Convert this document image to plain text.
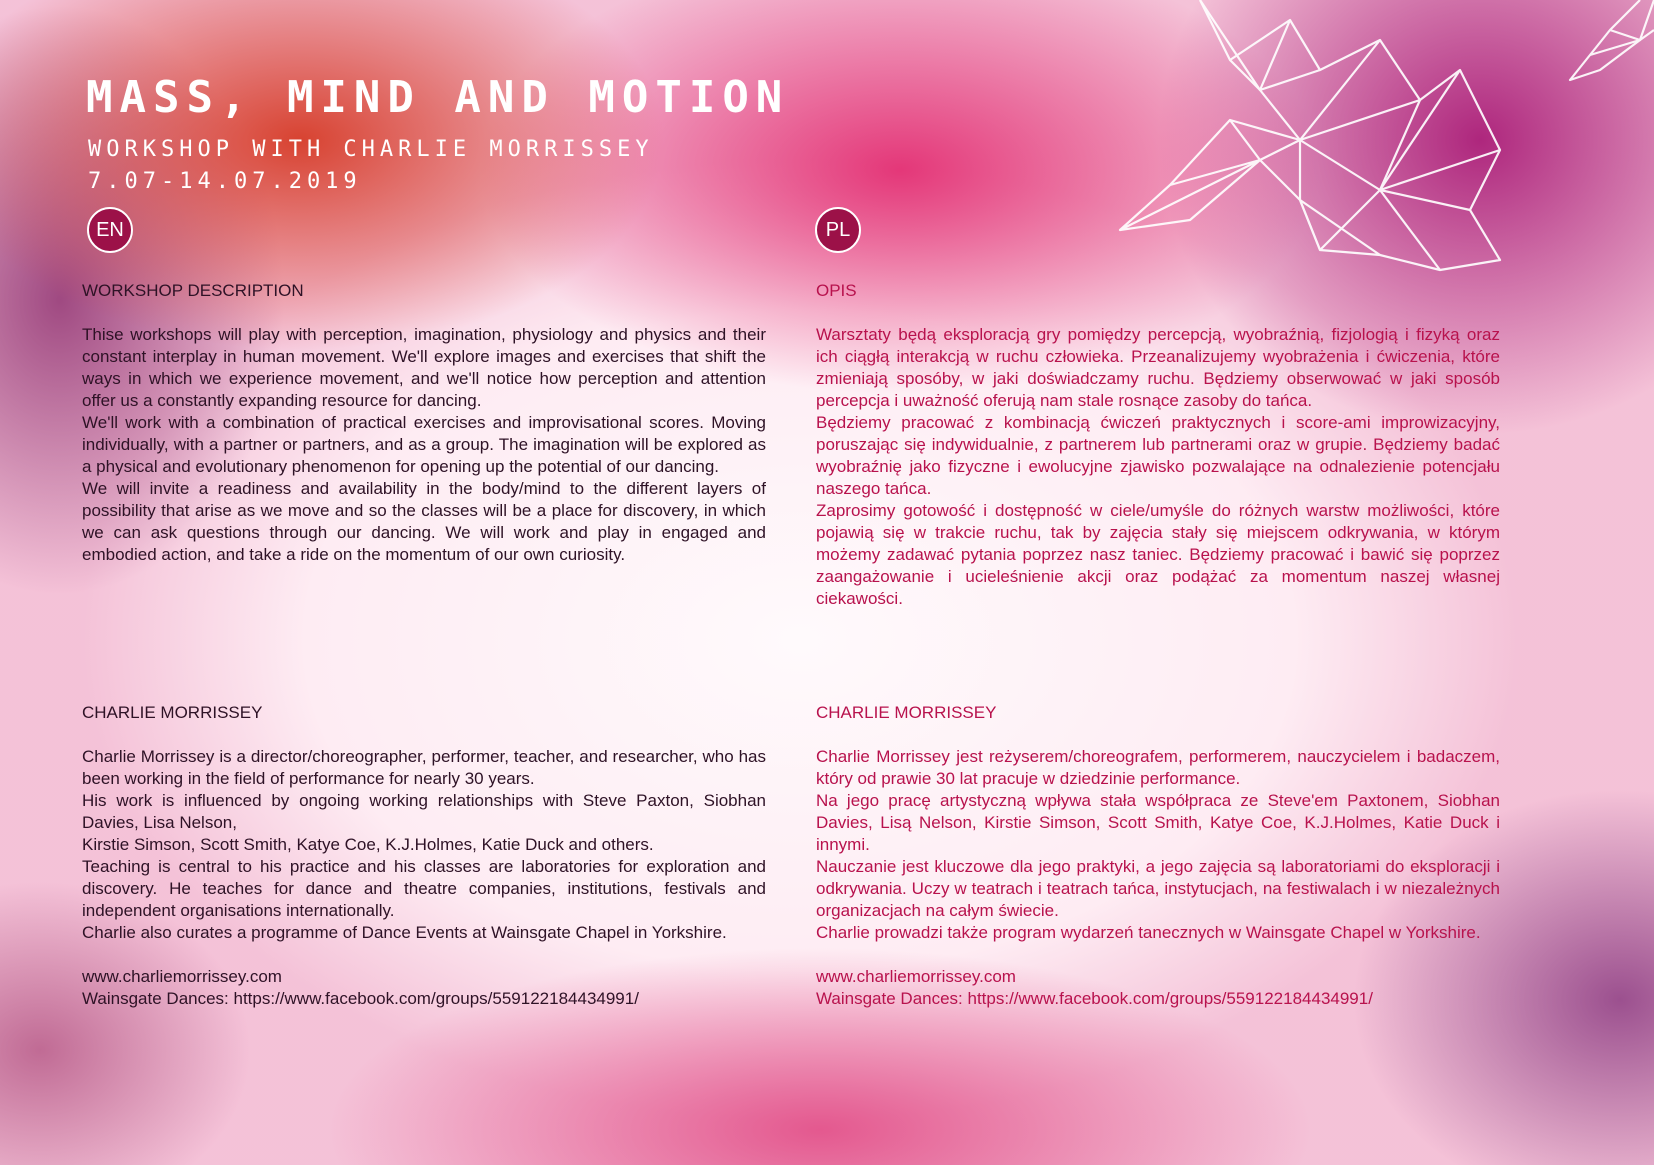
MASS, MIND AND MOTION
WORKSHOP WITH CHARLIE MORRISSEY
7.07-14.07.2019
EN	PL
WORKSHOP DESCRIPTION

Thise workshops will play with perception, imagination, physiology and physics and their constant interplay in human movement. We'll explore images and exercises that shift the ways in which we experience movement, and we'll notice how perception and attention offer us a constantly expanding resource for dancing.

We'll work with a combination of practical exercises and improvisational scores. Moving individually, with a partner or partners, and as a group. The imagination will be explored as a physical and evolutionary phenomenon for opening up the potential of our dancing.

We will invite a readiness and availability in the body/mind to the different layers of possibility that arise as we move and so the classes will be a place for discovery, in which we can ask questions through our dancing. We will work and play in engaged and embodied action, and take a ride on the momentum of our own curiosity.

CHARLIE MORRISSEY

Charlie Morrissey is a director/choreographer, performer, teacher, and researcher, who has been working in the field of performance for nearly 30 years.

His work is influenced by ongoing working relationships with Steve Paxton, Siobhan Davies, Lisa Nelson,

Kirstie Simson, Scott Smith, Katye Coe, K.J.Holmes, Katie Duck and others.

Teaching is central to his practice and his classes are laboratories for exploration and discovery. He teaches for dance and theatre companies, institutions, festivals and independent organisations internationally.

Charlie also curates a programme of Dance Events at Wainsgate Chapel in Yorkshire.

www.charliemorrissey.com

Wainsgate Dances: https://www.facebook.com/groups/559122184434991/

OPIS

Warsztaty będą eksploracją gry pomiędzy percepcją, wyobraźnią, fizjologią i fizyką oraz ich ciągłą interakcją w ruchu człowieka. Przeanalizujemy wyobrażenia i ćwiczenia, które zmieniają sposóby, w jaki doświadczamy ruchu. Będziemy obserwować w jaki sposób percepcja i uważność oferują nam stale rosnące zasoby do tańca.

Będziemy pracować z kombinacją ćwiczeń praktycznych i score-ami improwizacyjny, poruszając się indywidualnie, z partnerem lub partnerami oraz w grupie. Będziemy badać wyobraźnię jako fizyczne i ewolucyjne zjawisko pozwalające na odnalezienie potencjału naszego tańca.

Zaprosimy gotowość i dostępność w ciele/umyśle do różnych warstw możliwości, które pojawią się w trakcie ruchu, tak by zajęcia stały się miejscem odkrywania, w którym możemy zadawać pytania poprzez nasz taniec. Będziemy pracować i bawić się poprzez zaangażowanie i ucieleśnienie akcji oraz podążać za momentum naszej własnej ciekawości.

CHARLIE MORRISSEY

Charlie Morrissey jest reżyserem/choreografem, performerem, nauczycielem i badaczem, który od prawie 30 lat pracuje w dziedzinie performance.

Na jego pracę artystyczną wpływa stała współpraca ze Steve'em Paxtonem, Siobhan Davies, Lisą Nelson, Kirstie Simson, Scott Smith, Katye Coe, K.J.Holmes, Katie Duck i innymi.

Nauczanie jest kluczowe dla jego praktyki, a jego zajęcia są laboratoriami do eksploracji i odkrywania. Uczy w teatrach i teatrach tańca, instytucjach, na festiwalach i w niezależnych organizacjach na całym świecie.

Charlie prowadzi także program wydarzeń tanecznych w Wainsgate Chapel w Yorkshire.

www.charliemorrissey.com

Wainsgate Dances: https://www.facebook.com/groups/559122184434991/
